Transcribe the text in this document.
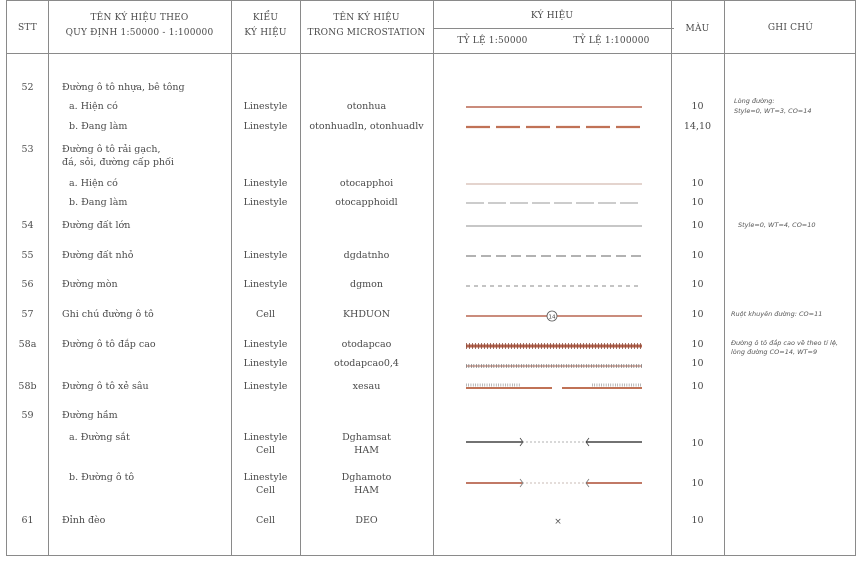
STT
TÊN KÝ HIỆU THEO
QUY ĐỊNH 1:50000 - 1:100000
KIỂU
KÝ HIỆU
TÊN KÝ HIỆU
TRONG MICROSTATION
KÝ HIỆU
TỶ LỆ 1:50000	TỶ LỆ 1:100000
MÀU	GHI CHÚ
52
53
54
55
56
57
58a
58b
59
61
Đường ô tô nhựa, bê tông
a. Hiện có
b. Đang làm
Đường ô tô rải gạch,
đá, sỏi, đường cấp phối
a. Hiện có
b. Đang làm
Đường đất lớn
Đường đất nhỏ
Đường mòn
Ghi chú đường ô tô
Đường ô tô đắp cao
Đường ô tô xẻ sâu
Đường hầm
a. Đường sắt
b. Đường ô tô
Đỉnh đèo
Linestyle
Linestyle
Linestyle
Linestyle
Linestyle
Linestyle
Cell
Linestyle
Linestyle
Linestyle
Linestyle
Cell
Linestyle
Cell
Cell
otonhua
otonhuadln, otonhuadlv
otocapphoi
otocapphoidl
dgdatnho
dgmon
KHDUON
otodapcao
otodapcao0,4
xesau
Dghamsat
HAM
Dghamoto
HAM
DEO
10
14,10
10
10
10
10
10
10
10
10
10
10
10
10
Lòng đường:
Style=0, WT=3, CO=14
Style=0, WT=4, CO=10
Ruột khuyên đường: CO=11
Đường ô tô đắp cao vẽ theo tỉ lệ,
lòng đường CO=14, WT=9
14
×
